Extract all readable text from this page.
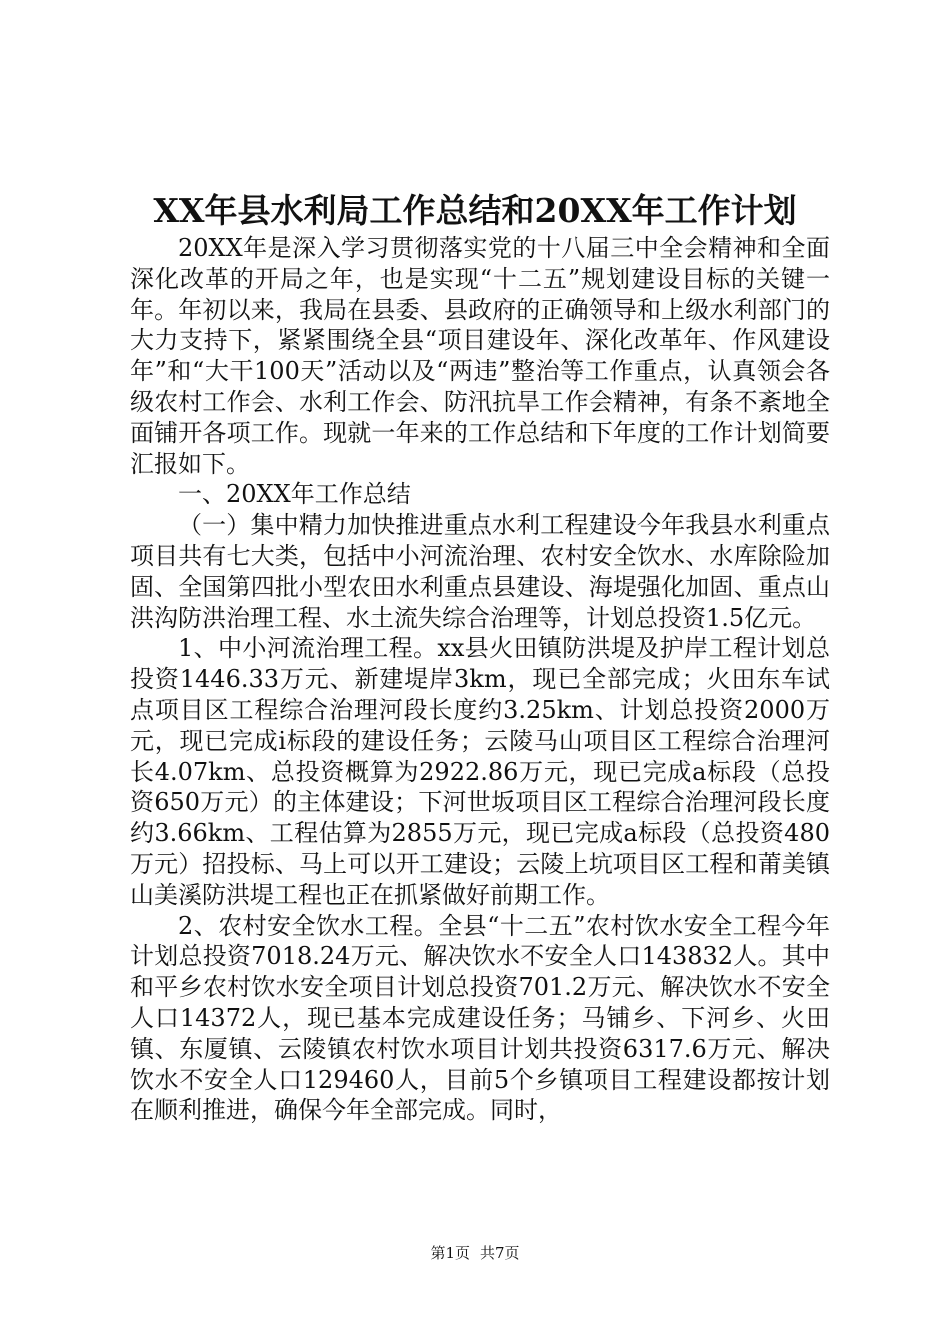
XX年县水利局工作总结和20XX年工作计划

20XX年是深入学习贯彻落实党的十八届三中全会精神和全面深化改革的开局之年，也是实现“十二五”规划建设目标的关键一年。年初以来，我局在县委、县政府的正确领导和上级水利部门的大力支持下，紧紧围绕全县“项目建设年、深化改革年、作风建设年”和“大干100天”活动以及“两违”整治等工作重点，认真领会各级农村工作会、水利工作会、防汛抗旱工作会精神，有条不紊地全面铺开各项工作。现就一年来的工作总结和下年度的工作计划简要汇报如下。

一、20XX年工作总结

（一）集中精力加快推进重点水利工程建设今年我县水利重点项目共有七大类，包括中小河流治理、农村安全饮水、水库除险加固、全国第四批小型农田水利重点县建设、海堤强化加固、重点山洪沟防洪治理工程、水土流失综合治理等，计划总投资1.5亿元。

1、中小河流治理工程。xx县火田镇防洪堤及护岸工程计划总投资1446.33万元、新建堤岸3km，现已全部完成；火田东车试点项目区工程综合治理河段长度约3.25km、计划总投资2000万元，现已完成i标段的建设任务；云陵马山项目区工程综合治理河长4.07km、总投资概算为2922.86万元，现已完成a标段（总投资650万元）的主体建设；下河世坂项目区工程综合治理河段长度约3.66km、工程估算为2855万元，现已完成a标段（总投资480万元）招投标、马上可以开工建设；云陵上坑项目区工程和莆美镇山美溪防洪堤工程也正在抓紧做好前期工作。

2、农村安全饮水工程。全县“十二五”农村饮水安全工程今年计划总投资7018.24万元、解决饮水不安全人口143832人。其中和平乡农村饮水安全项目计划总投资701.2万元、解决饮水不安全人口14372人，现已基本完成建设任务；马铺乡、下河乡、火田镇、东厦镇、云陵镇农村饮水项目计划共投资6317.6万元、解决饮水不安全人口129460人，目前5个乡镇项目工程建设都按计划在顺利推进，确保今年全部完成。同时，

第1页 共7页
